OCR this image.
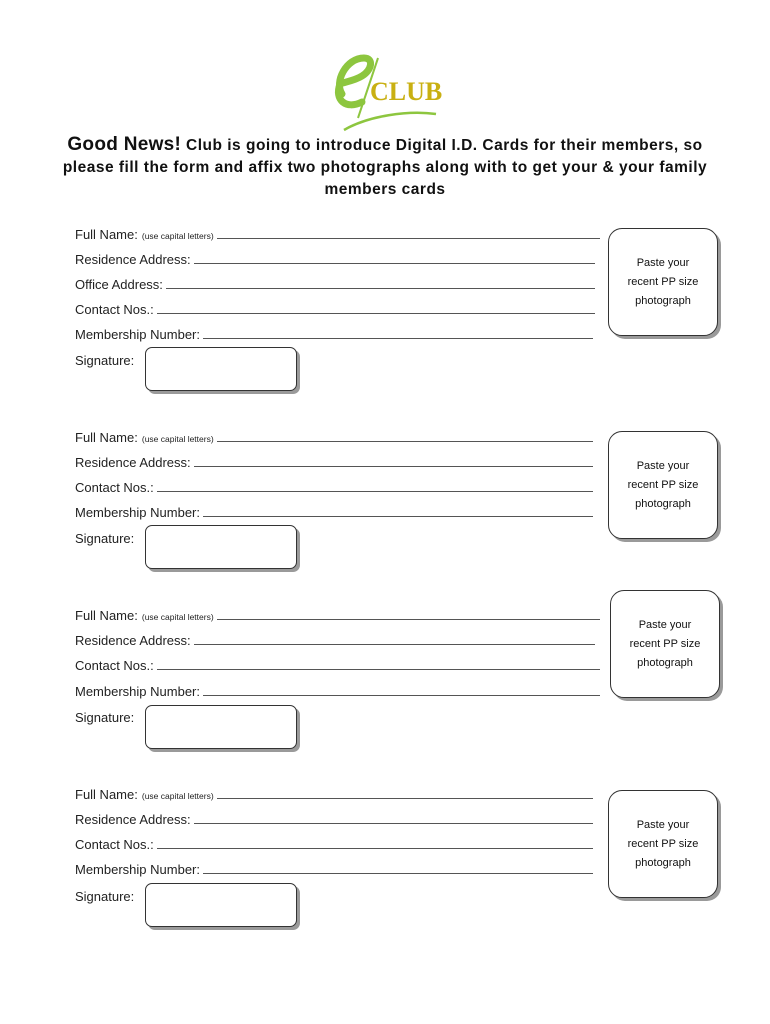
CLUB
Good News! Club is going to introduce Digital I.D. Cards for their members, so please fill the form and affix two photographs along with to get your & your family members cards
Full Name: (use capital letters)
Residence Address:
Office Address:
Contact Nos.:
Membership Number:
Signature:
Paste your
recent PP size
photograph
Full Name: (use capital letters)
Residence Address:
Contact Nos.:
Membership Number:
Signature:
Paste your
recent PP size
photograph
Full Name: (use capital letters)
Residence Address:
Contact Nos.:
Membership Number:
Signature:
Paste your
recent PP size
photograph
Full Name: (use capital letters)
Residence Address:
Contact Nos.:
Membership Number:
Signature:
Paste your
recent PP size
photograph
